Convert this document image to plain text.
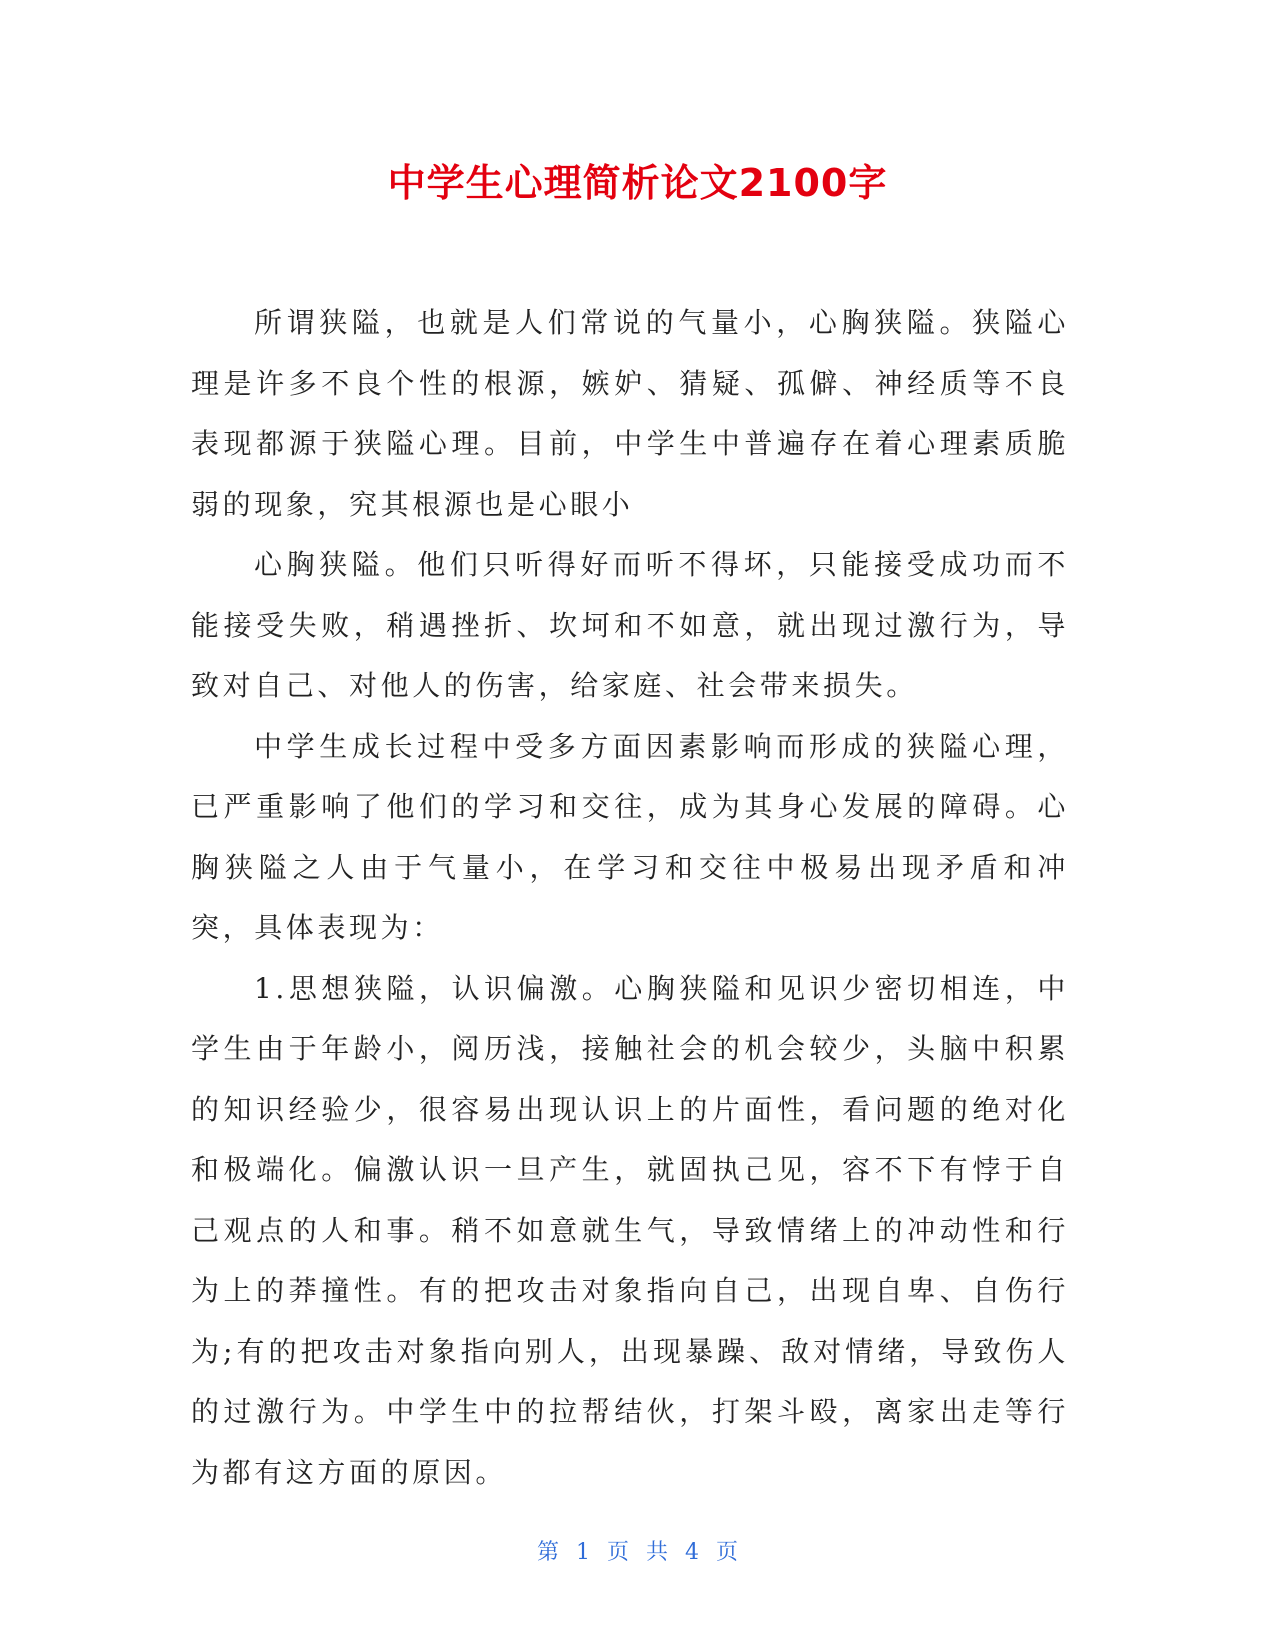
中学生心理简析论文2100字

所谓狭隘，也就是人们常说的气量小，心胸狭隘。狭隘心理是许多不良个性的根源，嫉妒、猜疑、孤僻、神经质等不良表现都源于狭隘心理。目前，中学生中普遍存在着心理素质脆弱的现象，究其根源也是心眼小

心胸狭隘。他们只听得好而听不得坏，只能接受成功而不能接受失败，稍遇挫折、坎坷和不如意，就出现过激行为，导致对自己、对他人的伤害，给家庭、社会带来损失。

中学生成长过程中受多方面因素影响而形成的狭隘心理，已严重影响了他们的学习和交往，成为其身心发展的障碍。心胸狭隘之人由于气量小，在学习和交往中极易出现矛盾和冲突，具体表现为：

1.思想狭隘，认识偏激。心胸狭隘和见识少密切相连，中学生由于年龄小，阅历浅，接触社会的机会较少，头脑中积累的知识经验少，很容易出现认识上的片面性，看问题的绝对化和极端化。偏激认识一旦产生，就固执己见，容不下有悖于自己观点的人和事。稍不如意就生气，导致情绪上的冲动性和行为上的莽撞性。有的把攻击对象指向自己，出现自卑、自伤行为;有的把攻击对象指向别人，出现暴躁、敌对情绪，导致伤人的过激行为。中学生中的拉帮结伙，打架斗殴，离家出走等行为都有这方面的原因。

第 1 页 共 4 页
